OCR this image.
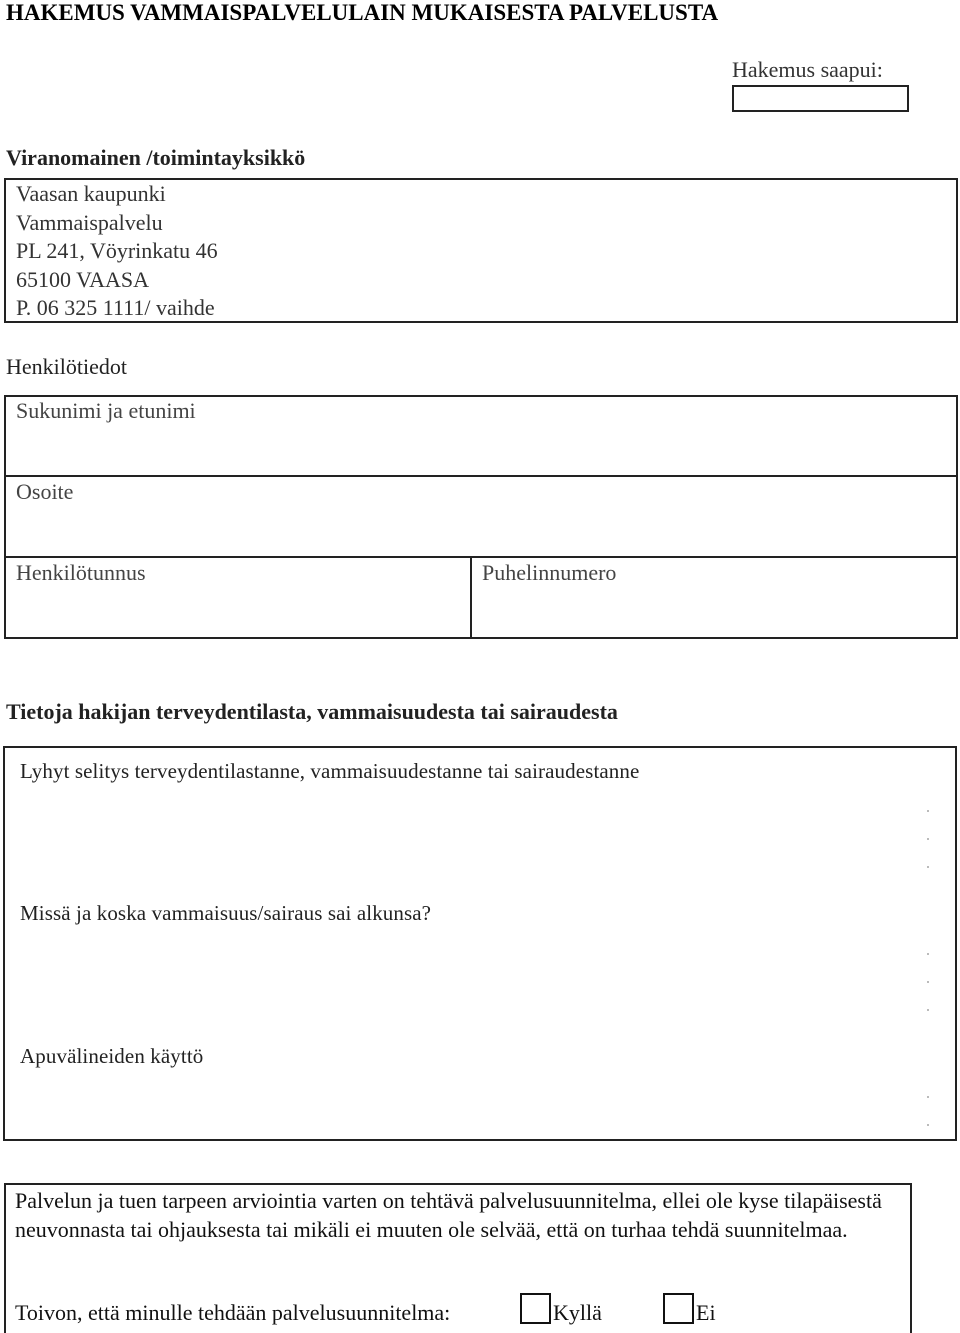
HAKEMUS VAMMAISPALVELULAIN MUKAISESTA PALVELUSTA
Hakemus saapui:
Viranomainen /toimintayksikkö
Vaasan kaupunki
Vammaispalvelu
PL 241, Vöyrinkatu 46
65100 VAASA
P. 06 325 1111/ vaihde
Henkilötiedot
Sukunimi ja etunimi
Osoite
Henkilötunnus	Puhelinnumero
Tietoja hakijan terveydentilasta, vammaisuudesta tai sairaudesta
Lyhyt selitys terveydentilastanne, vammaisuudestanne tai sairaudestanne
Missä ja koska vammaisuus/sairaus sai alkunsa?
Apuvälineiden käyttö
Palvelun ja tuen tarpeen arviointia varten on tehtävä palvelusuunnitelma, ellei ole kyse tilapäisestä neuvonnasta tai ohjauksesta tai mikäli ei muuten ole selvää, että on turhaa tehdä suunnitelmaa.
Toivon, että minulle tehdään palvelusuunnitelma:	Kyllä	Ei
